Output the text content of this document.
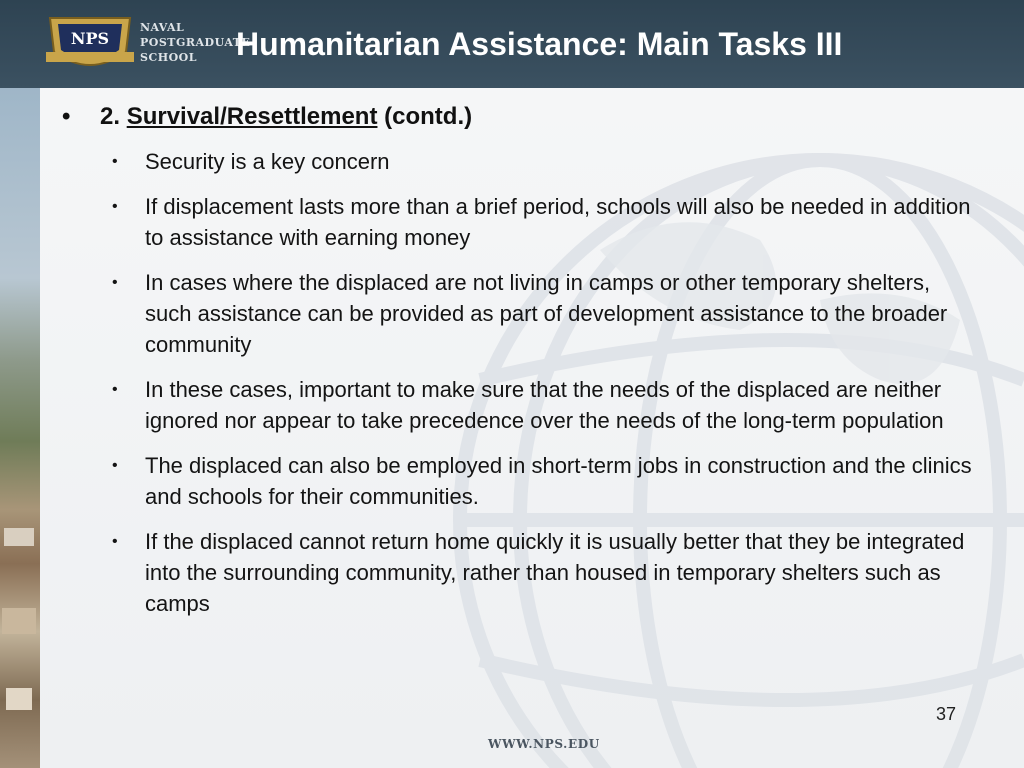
NPS
NAVAL
POSTGRADUATE
SCHOOL	Humanitarian Assistance: Main Tasks III
• 2. Survival/Resettlement (contd.)
• Security is a key concern
• If displacement lasts more than a brief period, schools will also be needed in addition to assistance with earning money
• In cases where the displaced are not living in camps or other temporary shelters, such assistance can be provided as part of development assistance to the broader community
• In these cases, important to make sure that the needs of the displaced are neither ignored nor appear to take precedence over the needs of the long-term population
• The displaced can also be employed in short-term jobs in construction and the clinics and schools for their communities.
• If the displaced cannot return home quickly it is usually better that they be integrated into the surrounding community, rather than housed in temporary shelters such as camps
37
WWW.NPS.EDU
